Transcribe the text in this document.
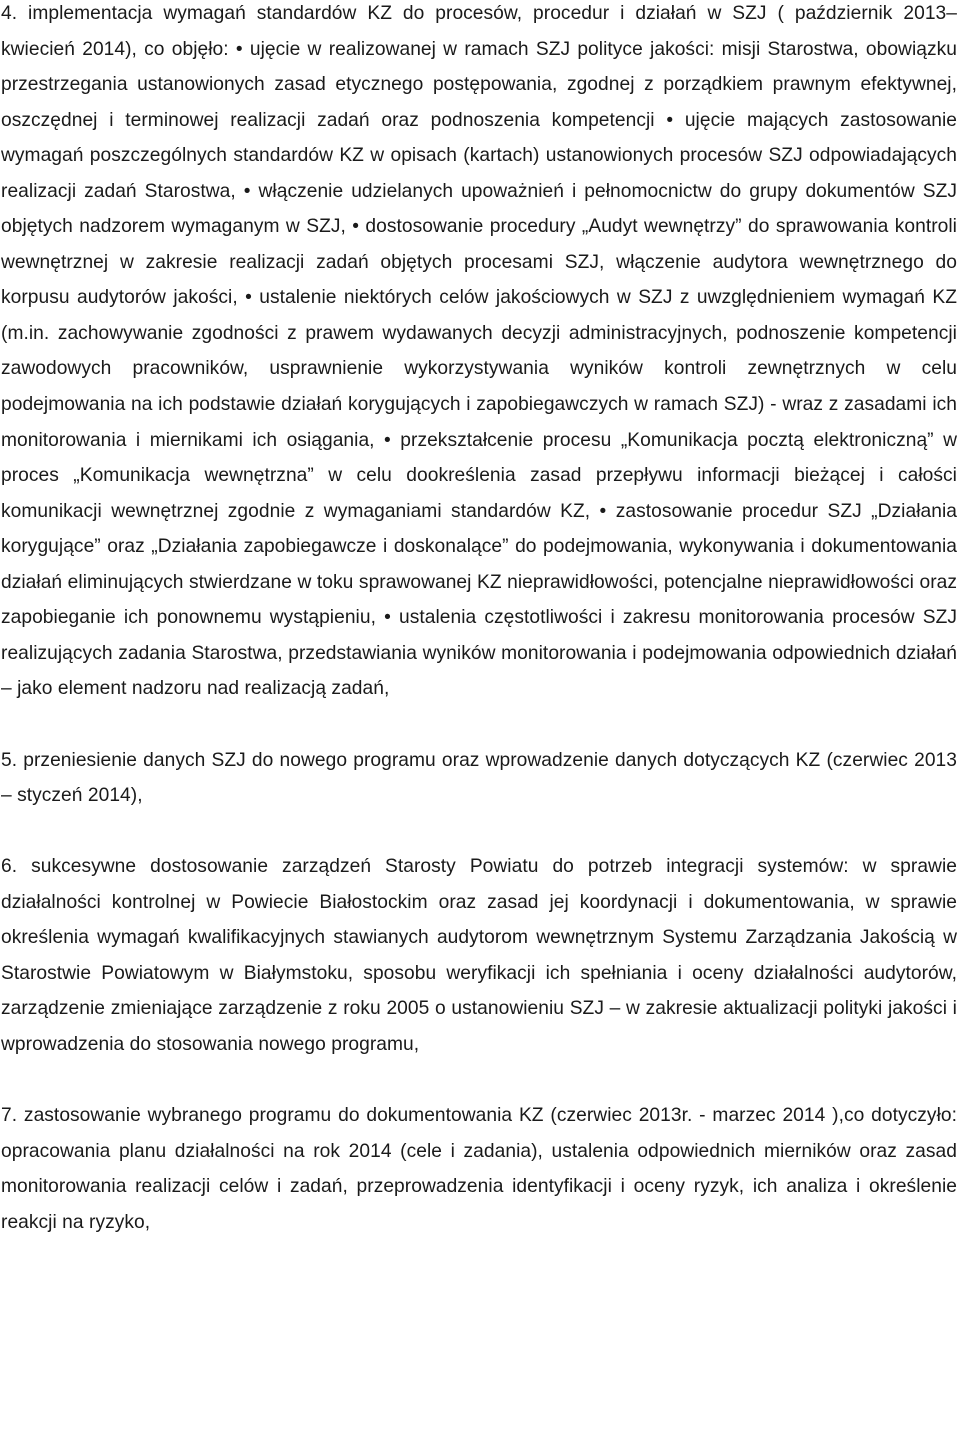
4. implementacja wymagań standardów KZ do procesów, procedur i działań w SZJ ( październik 2013– kwiecień 2014), co objęło: • ujęcie w realizowanej w ramach SZJ polityce jakości: misji Starostwa, obowiązku przestrzegania ustanowionych zasad etycznego postępowania, zgodnej z porządkiem prawnym efektywnej, oszczędnej i terminowej realizacji zadań oraz podnoszenia kompetencji • ujęcie mających zastosowanie wymagań poszczególnych standardów KZ w opisach (kartach) ustanowionych procesów SZJ odpowiadających realizacji zadań Starostwa, • włączenie udzielanych upoważnień i pełnomocnictw do grupy dokumentów SZJ objętych nadzorem wymaganym w SZJ, • dostosowanie procedury „Audyt wewnętrzy” do sprawowania kontroli wewnętrznej w zakresie realizacji zadań objętych procesami SZJ, włączenie audytora wewnętrznego do korpusu audytorów jakości, • ustalenie niektórych celów jakościowych w SZJ z uwzględnieniem wymagań KZ (m.in. zachowywanie zgodności z prawem wydawanych decyzji administracyjnych, podnoszenie kompetencji zawodowych pracowników, usprawnienie wykorzystywania wyników kontroli zewnętrznych w celu podejmowania na ich podstawie działań korygujących i zapobiegawczych w ramach SZJ) - wraz z zasadami ich monitorowania i miernikami ich osiągania, • przekształcenie procesu „Komunikacja pocztą elektroniczną” w proces „Komunikacja wewnętrzna” w celu dookreślenia zasad przepływu informacji bieżącej i całości komunikacji wewnętrznej zgodnie z wymaganiami standardów KZ, • zastosowanie procedur SZJ „Działania korygujące” oraz „Działania zapobiegawcze i doskonalące” do podejmowania, wykonywania i dokumentowania działań eliminujących stwierdzane w toku sprawowanej KZ nieprawidłowości, potencjalne nieprawidłowości oraz zapobieganie ich ponownemu wystąpieniu, • ustalenia częstotliwości i zakresu monitorowania procesów SZJ realizujących zadania Starostwa, przedstawiania wyników monitorowania i podejmowania odpowiednich działań – jako element nadzoru nad realizacją zadań,

5. przeniesienie danych SZJ do nowego programu oraz wprowadzenie danych dotyczących KZ (czerwiec 2013 – styczeń 2014),

6. sukcesywne dostosowanie zarządzeń Starosty Powiatu do potrzeb integracji systemów: w sprawie działalności kontrolnej w Powiecie Białostockim oraz zasad jej koordynacji i dokumentowania, w sprawie określenia wymagań kwalifikacyjnych stawianych audytorom wewnętrznym Systemu Zarządzania Jakością w Starostwie Powiatowym w Białymstoku, sposobu weryfikacji ich spełniania i oceny działalności audytorów, zarządzenie zmieniające zarządzenie z roku 2005 o ustanowieniu SZJ – w zakresie aktualizacji polityki jakości i wprowadzenia do stosowania nowego programu,

7. zastosowanie wybranego programu do dokumentowania KZ (czerwiec 2013r. - marzec 2014 ),co dotyczyło: opracowania planu działalności na rok 2014 (cele i zadania), ustalenia odpowiednich mierników oraz zasad monitorowania realizacji celów i zadań, przeprowadzenia identyfikacji i oceny ryzyk, ich analiza i określenie reakcji na ryzyko,
